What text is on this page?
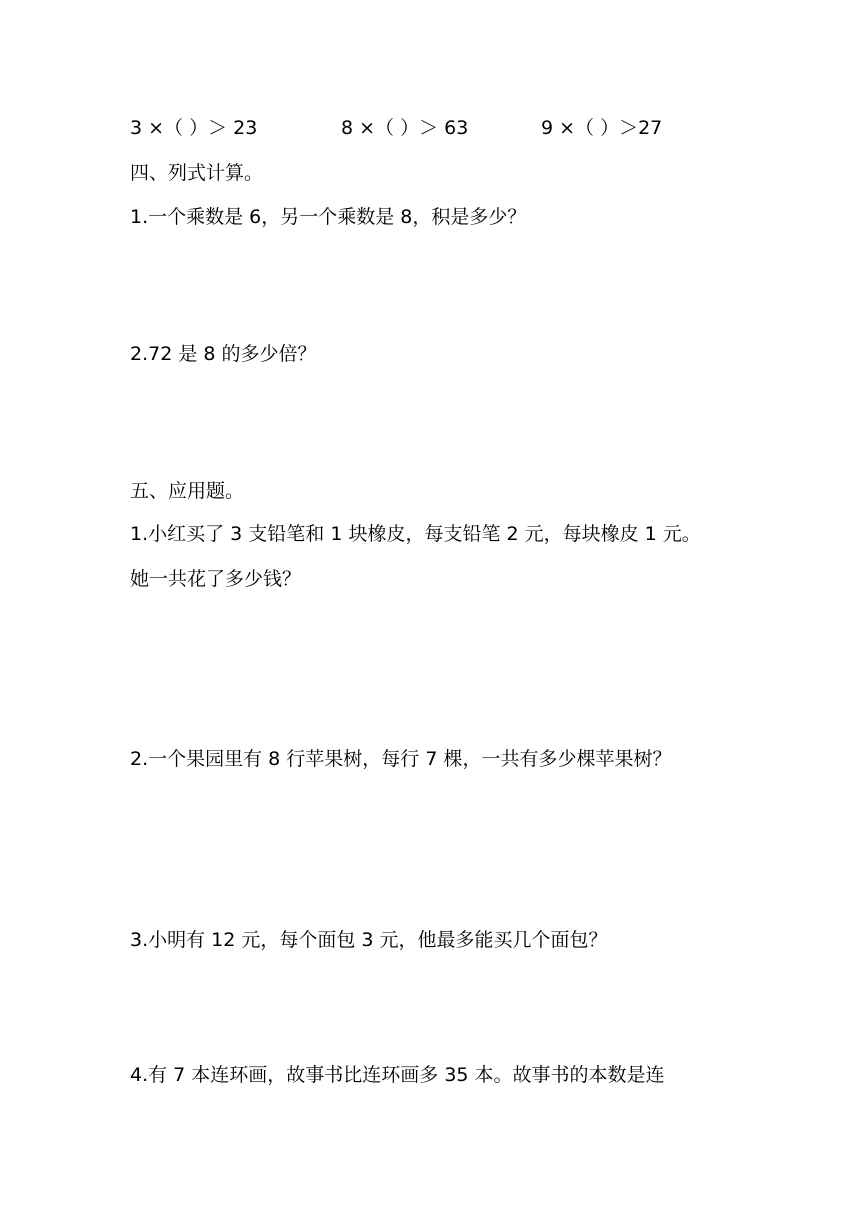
3 ×（ ）＞ 23	8 ×（ ）＞ 63	9 ×（ ）＞27
四、列式计算。
1.一个乘数是 6，另一个乘数是 8，积是多少？
2.72 是 8 的多少倍？
五、应用题。
1.小红买了 3 支铅笔和 1 块橡皮，每支铅笔 2 元，每块橡皮 1 元。
她一共花了多少钱？
2.一个果园里有 8 行苹果树，每行 7 棵，一共有多少棵苹果树？
3.小明有 12 元，每个面包 3 元，他最多能买几个面包？
4.有 7 本连环画，故事书比连环画多 35 本。故事书的本数是连
